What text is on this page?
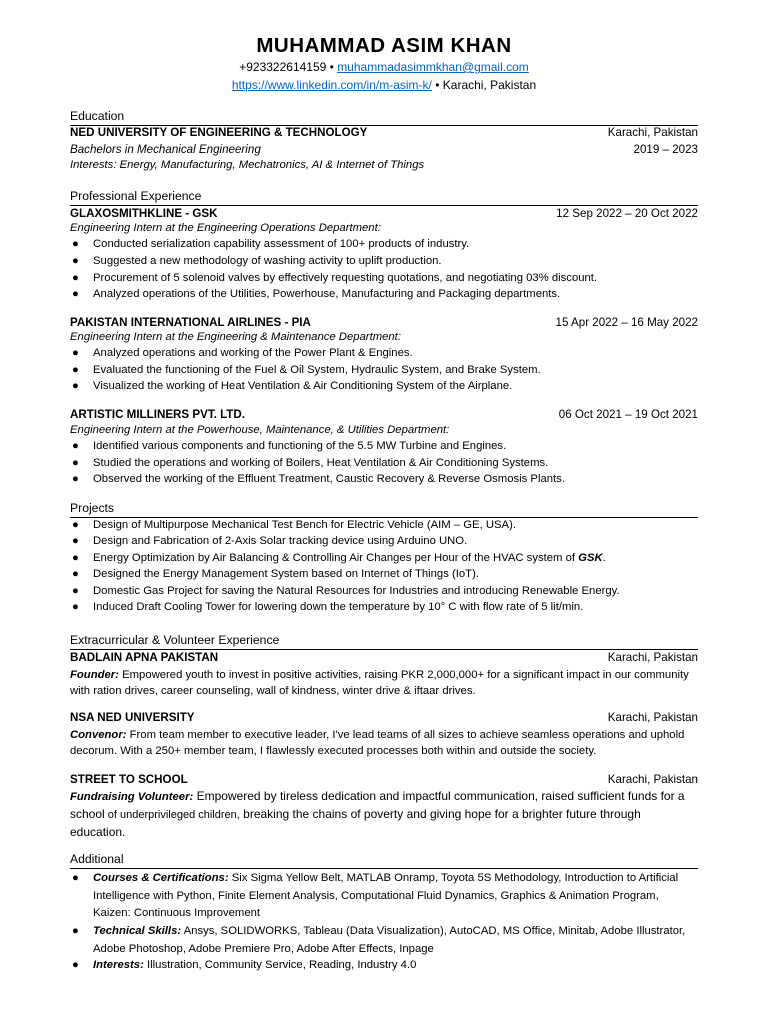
MUHAMMAD ASIM KHAN
+923322614159 • muhammadasimmkhan@gmail.com
https://www.linkedin.com/in/m-asim-k/ • Karachi, Pakistan
Education
NED UNIVERSITY OF ENGINEERING & TECHNOLOGY	Karachi, Pakistan
Bachelors in Mechanical Engineering	2019 – 2023
Interests: Energy, Manufacturing, Mechatronics, AI & Internet of Things
Professional Experience
GLAXOSMITHKLINE - GSK	12 Sep 2022 – 20 Oct 2022
Engineering Intern at the Engineering Operations Department:
● Conducted serialization capability assessment of 100+ products of industry.
● Suggested a new methodology of washing activity to uplift production.
● Procurement of 5 solenoid valves by effectively requesting quotations, and negotiating 03% discount.
● Analyzed operations of the Utilities, Powerhouse, Manufacturing and Packaging departments.
PAKISTAN INTERNATIONAL AIRLINES - PIA	15 Apr 2022 – 16 May 2022
Engineering Intern at the Engineering & Maintenance Department:
● Analyzed operations and working of the Power Plant & Engines.
● Evaluated the functioning of the Fuel & Oil System, Hydraulic System, and Brake System.
● Visualized the working of Heat Ventilation & Air Conditioning System of the Airplane.
ARTISTIC MILLINERS PVT. LTD.	06 Oct 2021 – 19 Oct 2021
Engineering Intern at the Powerhouse, Maintenance, & Utilities Department:
● Identified various components and functioning of the 5.5 MW Turbine and Engines.
● Studied the operations and working of Boilers, Heat Ventilation & Air Conditioning Systems.
● Observed the working of the Effluent Treatment, Caustic Recovery & Reverse Osmosis Plants.
Projects
● Design of Multipurpose Mechanical Test Bench for Electric Vehicle (AIM – GE, USA).
● Design and Fabrication of 2-Axis Solar tracking device using Arduino UNO.
● Energy Optimization by Air Balancing & Controlling Air Changes per Hour of the HVAC system of GSK.
● Designed the Energy Management System based on Internet of Things (IoT).
● Domestic Gas Project for saving the Natural Resources for Industries and introducing Renewable Energy.
● Induced Draft Cooling Tower for lowering down the temperature by 10° C with flow rate of 5 lit/min.
Extracurricular & Volunteer Experience
BADLAIN APNA PAKISTAN	Karachi, Pakistan
Founder: Empowered youth to invest in positive activities, raising PKR 2,000,000+ for a significant impact in our community with ration drives, career counseling, wall of kindness, winter drive & iftaar drives.
NSA NED UNIVERSITY	Karachi, Pakistan
Convenor: From team member to executive leader, I've lead teams of all sizes to achieve seamless operations and uphold decorum. With a 250+ member team, I flawlessly executed processes both within and outside the society.
STREET TO SCHOOL	Karachi, Pakistan
Fundraising Volunteer: Empowered by tireless dedication and impactful communication, raised sufficient funds for a school of underprivileged children, breaking the chains of poverty and giving hope for a brighter future through education.
Additional
● Courses & Certifications: Six Sigma Yellow Belt, MATLAB Onramp, Toyota 5S Methodology, Introduction to Artificial Intelligence with Python, Finite Element Analysis, Computational Fluid Dynamics, Graphics & Animation Program, Kaizen: Continuous Improvement
● Technical Skills: Ansys, SOLIDWORKS, Tableau (Data Visualization), AutoCAD, MS Office, Minitab, Adobe Illustrator, Adobe Photoshop, Adobe Premiere Pro, Adobe After Effects, Inpage
● Interests: Illustration, Community Service, Reading, Industry 4.0
